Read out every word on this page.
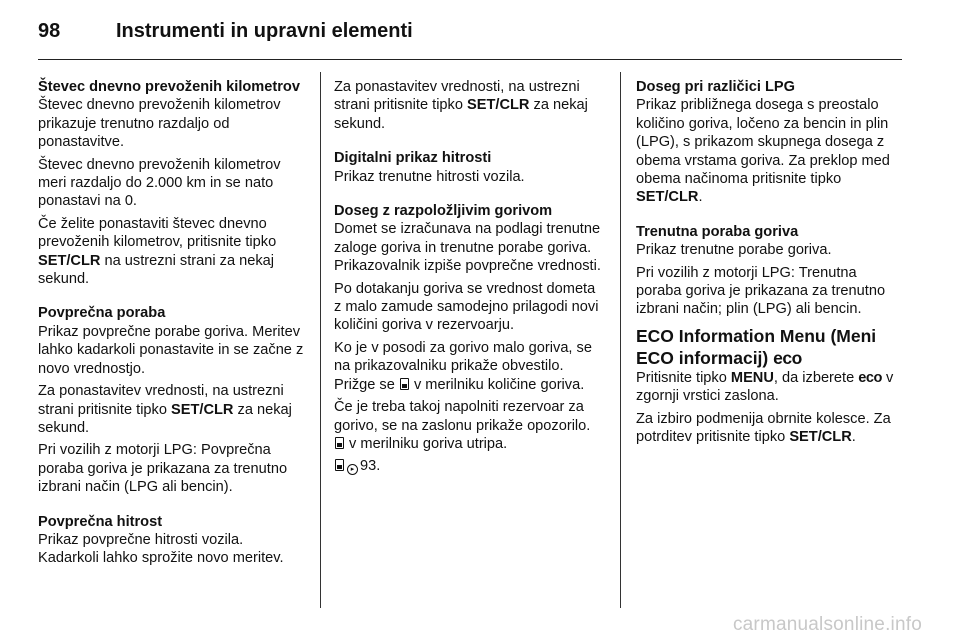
98	Instrumenti in upravni elementi
Števec dnevno prevoženih kilometrov

Števec dnevno prevoženih kilometrov prikazuje trenutno razdaljo od ponastavitve.

Števec dnevno prevoženih kilometrov meri razdaljo do 2.000 km in se nato ponastavi na 0.

Če želite ponastaviti števec dnevno prevoženih kilometrov, pritisnite tipko SET/CLR na ustrezni strani za nekaj sekund.

Povprečna poraba

Prikaz povprečne porabe goriva. Meritev lahko kadarkoli ponastavite in se začne z novo vrednostjo.

Za ponastavitev vrednosti, na ustrezni strani pritisnite tipko SET/CLR za nekaj sekund.

Pri vozilih z motorji LPG: Povprečna poraba goriva je prikazana za trenutno izbrani način (LPG ali bencin).

Povprečna hitrost

Prikaz povprečne hitrosti vozila. Kadarkoli lahko sprožite novo meritev.

Za ponastavitev vrednosti, na ustrezni strani pritisnite tipko SET/CLR za nekaj sekund.

Digitalni prikaz hitrosti

Prikaz trenutne hitrosti vozila.

Doseg z razpoložljivim gorivom

Domet se izračunava na podlagi trenutne zaloge goriva in trenutne porabe goriva. Prikazovalnik izpiše povprečne vrednosti.

Po dotakanju goriva se vrednost dometa z malo zamude samodejno prilagodi novi količini goriva v rezervoarju.

Ko je v posodi za gorivo malo goriva, se na prikazovalniku prikaže obvestilo. Prižge se  v merilniku količine goriva.

Če je treba takoj napolniti rezervoar za gorivo, se na zaslonu prikaže opozorilo.  v merilniku goriva utripa.

▸ 93.

Doseg pri različici LPG

Prikaz približnega dosega s preostalo količino goriva, ločeno za bencin in plin (LPG), s prikazom skupnega dosega z obema vrstama goriva. Za preklop med obema načinoma pritisnite tipko SET/CLR.

Trenutna poraba goriva

Prikaz trenutne porabe goriva.

Pri vozilih z motorji LPG: Trenutna poraba goriva je prikazana za trenutno izbrani način; plin (LPG) ali bencin.

ECO Information Menu (Meni ECO informacij) eco

Pritisnite tipko MENU, da izberete eco v zgornji vrstici zaslona.

Za izbiro podmenija obrnite kolesce. Za potrditev pritisnite tipko SET/CLR.

carmanualsonline.info
